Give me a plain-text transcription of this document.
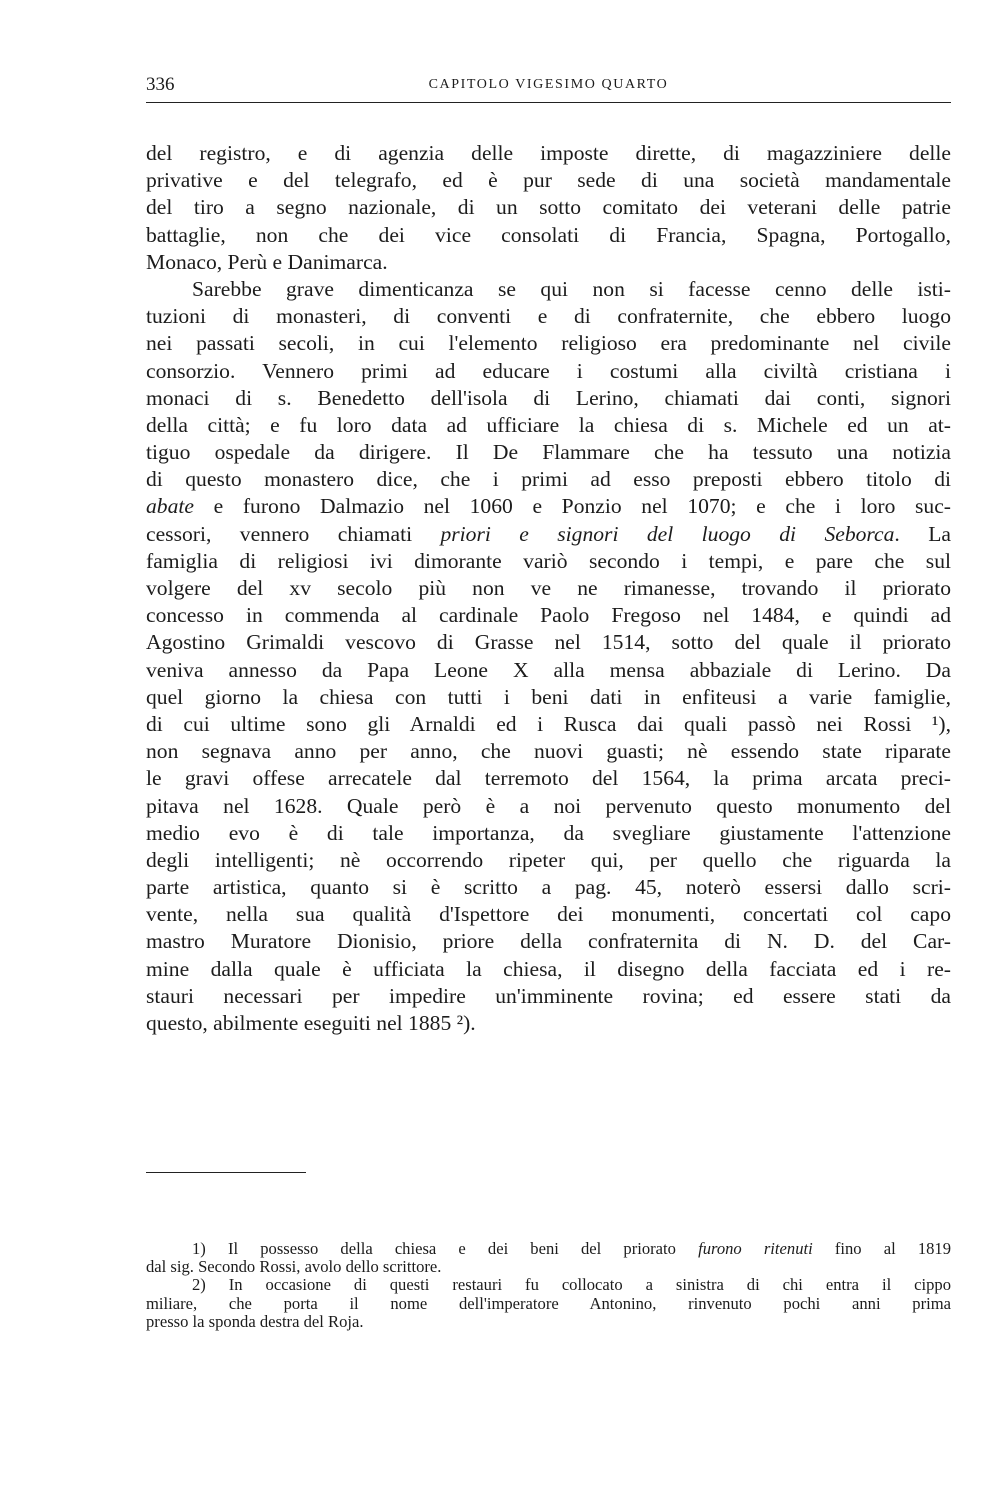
336	CAPITOLO VIGESIMO QUARTO
del registro, e di agenzia delle imposte dirette, di magazziniere delle
privative e del telegrafo, ed è pur sede di una società mandamentale
del tiro a segno nazionale, di un sotto comitato dei veterani delle patrie
battaglie, non che dei vice consolati di Francia, Spagna, Portogallo,
Monaco, Perù e Danimarca.
Sarebbe grave dimenticanza se qui non si facesse cenno delle isti-
tuzioni di monasteri, di conventi e di confraternite, che ebbero luogo
nei passati secoli, in cui l'elemento religioso era predominante nel civile
consorzio. Vennero primi ad educare i costumi alla civiltà cristiana i
monaci di s. Benedetto dell'isola di Lerino, chiamati dai conti, signori
della città; e fu loro data ad ufficiare la chiesa di s. Michele ed un at-
tiguo ospedale da dirigere. Il De Flammare che ha tessuto una notizia
di questo monastero dice, che i primi ad esso preposti ebbero titolo di
abate e furono Dalmazio nel 1060 e Ponzio nel 1070; e che i loro suc-
cessori, vennero chiamati priori e signori del luogo di Seborca. La
famiglia di religiosi ivi dimorante variò secondo i tempi, e pare che sul
volgere del xv secolo più non ve ne rimanesse, trovando il priorato
concesso in commenda al cardinale Paolo Fregoso nel 1484, e quindi ad
Agostino Grimaldi vescovo di Grasse nel 1514, sotto del quale il priorato
veniva annesso da Papa Leone X alla mensa abbaziale di Lerino. Da
quel giorno la chiesa con tutti i beni dati in enfiteusi a varie famiglie,
di cui ultime sono gli Arnaldi ed i Rusca dai quali passò nei Rossi ¹),
non segnava anno per anno, che nuovi guasti; nè essendo state riparate
le gravi offese arrecatele dal terremoto del 1564, la prima arcata preci-
pitava nel 1628. Quale però è a noi pervenuto questo monumento del
medio evo è di tale importanza, da svegliare giustamente l'attenzione
degli intelligenti; nè occorrendo ripeter qui, per quello che riguarda la
parte artistica, quanto si è scritto a pag. 45, noterò essersi dallo scri-
vente, nella sua qualità d'Ispettore dei monumenti, concertati col capo
mastro Muratore Dionisio, priore della confraternita di N. D. del Car-
mine dalla quale è ufficiata la chiesa, il disegno della facciata ed i re-
stauri necessari per impedire un'imminente rovina; ed essere stati da
questo, abilmente eseguiti nel 1885 ²).
1) Il possesso della chiesa e dei beni del priorato furono ritenuti fino al 1819
dal sig. Secondo Rossi, avolo dello scrittore.
2) In occasione di questi restauri fu collocato a sinistra di chi entra il cippo
miliare, che porta il nome dell'imperatore Antonino, rinvenuto pochi anni prima
presso la sponda destra del Roja.
